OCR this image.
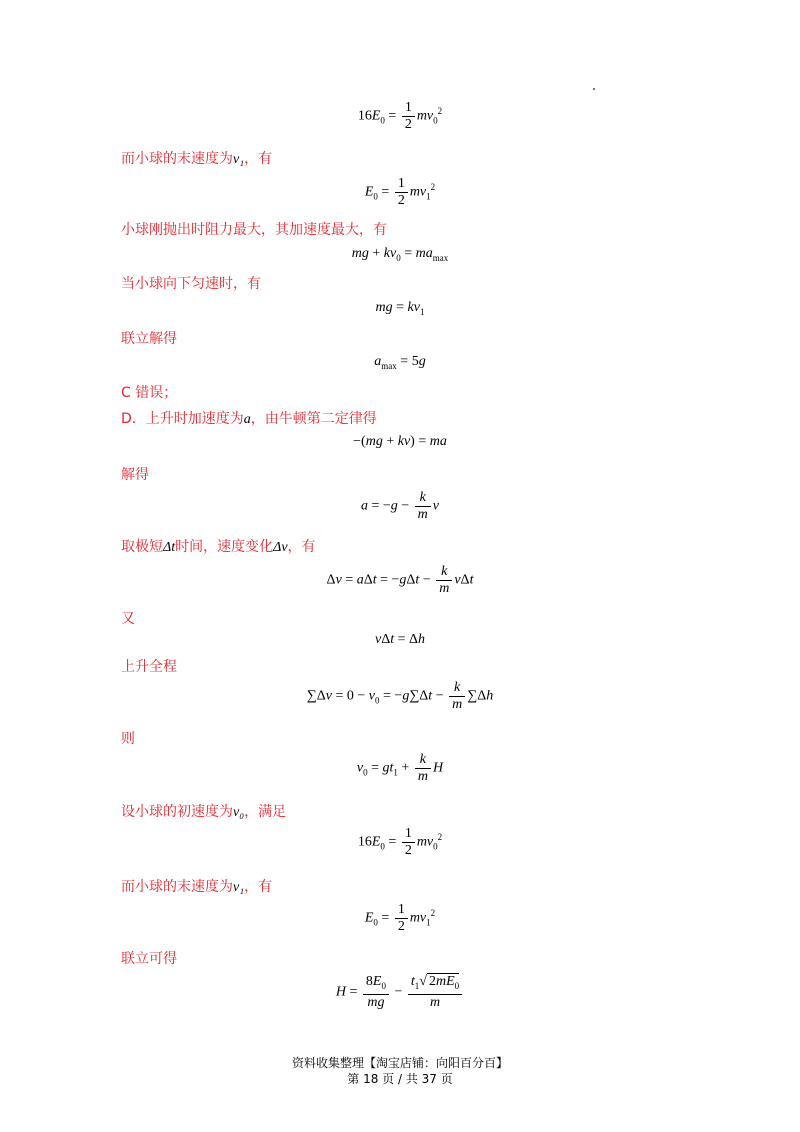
$16E_0 = \frac{1}{2} mv_0^2$
而小球的末速度为v₁，有
$E_0 = \frac{1}{2} mv_1^2$
小球刚抛出时阻力最大，其加速度最大，有
mg + $kv_0 = ma_{max}$
当小球向下匀速时，有
mg = $kv_1$
联立解得
$a_{max} = 5g$
C 错误；
D．上升时加速度为a，由牛顿第二定律得
−(mg + kv) = ma
解得
$a = -g - \frac{k}{m}$ v
取极短Δt时间，速度变化Δv，有
$\Delta v = a\Delta t = -g\Delta t - \frac{k}{m}$ vΔt
又
vΔt = Δh
上升全程
$\sum\Delta v = 0 - v_0 = -g\sum\Delta t - \frac{k}{m} \sum\Delta h$
则
$v_0 = gt_1 + \frac{k}{m}$ H
设小球的初速度为v₀，满足
$16E_0 = \frac{1}{2} mv_0^2$
而小球的末速度为v₁，有
$E_0 = \frac{1}{2} mv_1^2$
联立可得
$H = \frac{8E_0}{mg} - \frac{t_1√ 2mE_0}{m}$
资料收集整理【淘宝店铺：向阳百分百】
第 18 页 / 共 37 页
